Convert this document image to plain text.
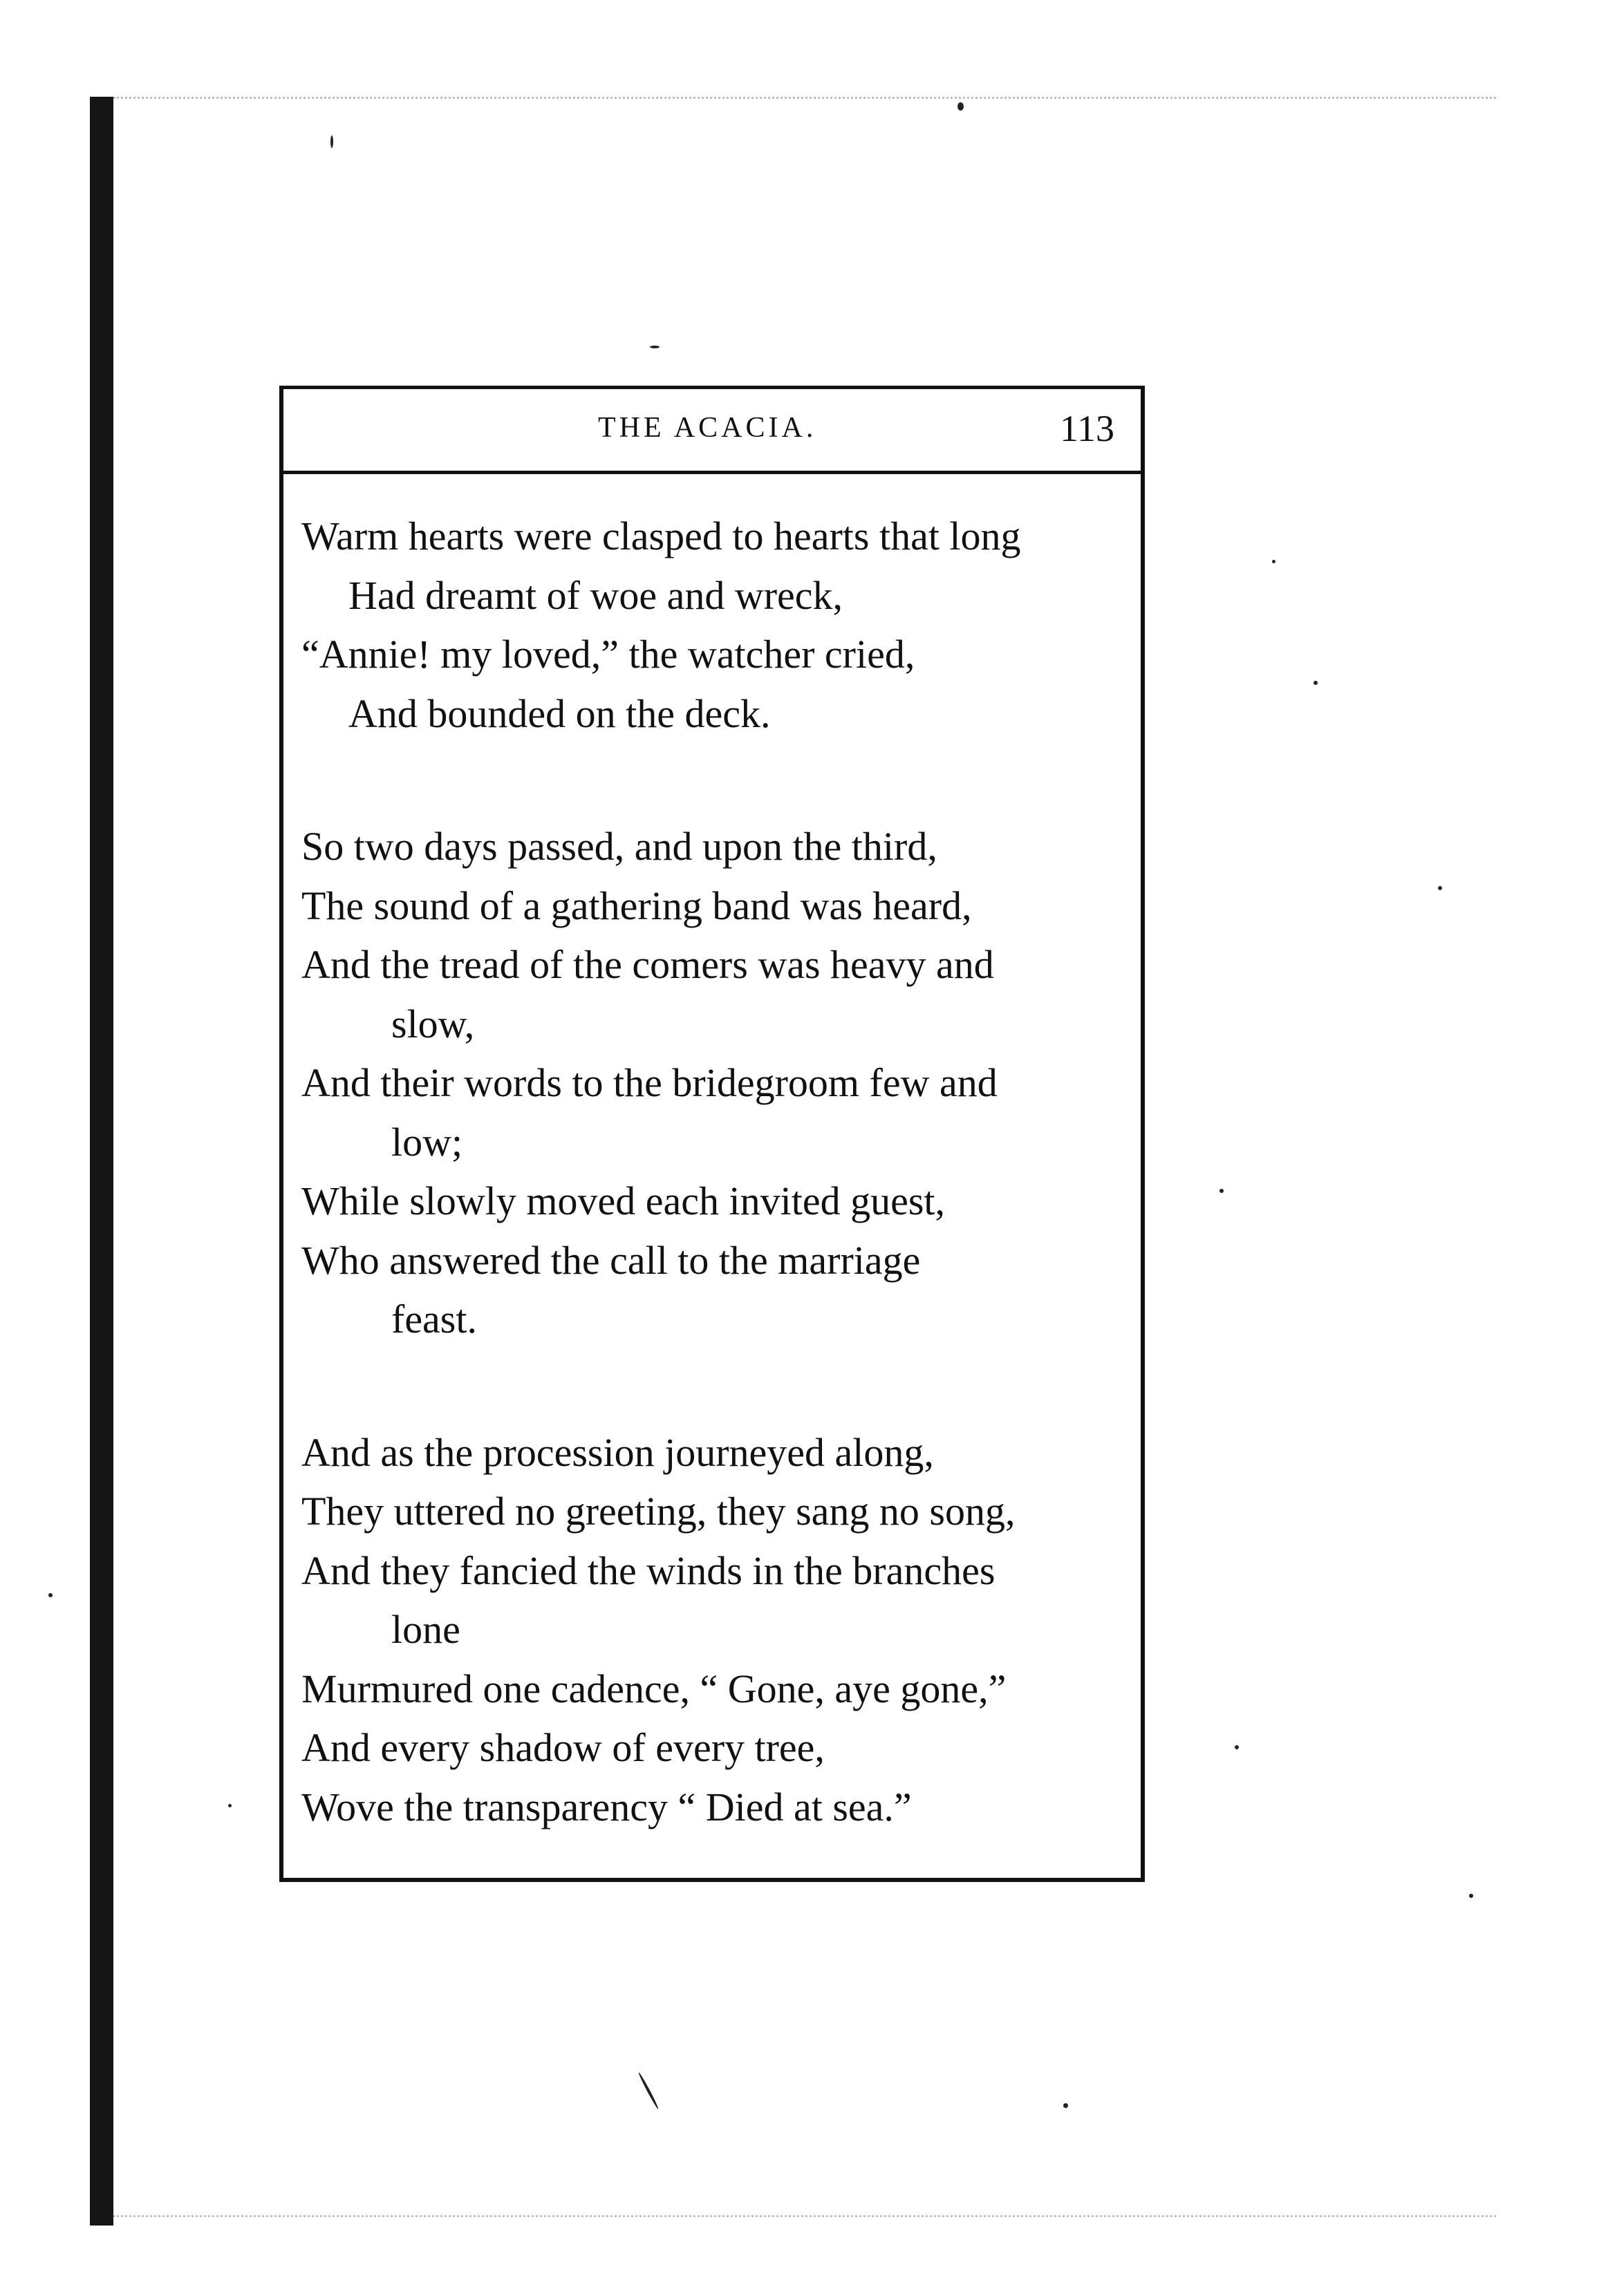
THE ACACIA.	113
Warm hearts were clasped to hearts that long
Had dreamt of woe and wreck,
“Annie! my loved,” the watcher cried,
And bounded on the deck.
So two days passed, and upon the third,
The sound of a gathering band was heard,
And the tread of the comers was heavy and
slow,
And their words to the bridegroom few and
low;
While slowly moved each invited guest,
Who answered the call to the marriage
feast.
And as the procession journeyed along,
They uttered no greeting, they sang no song,
And they fancied the winds in the branches
lone
Murmured one cadence, “ Gone, aye gone,”
And every shadow of every tree,
Wove the transparency “ Died at sea.”
